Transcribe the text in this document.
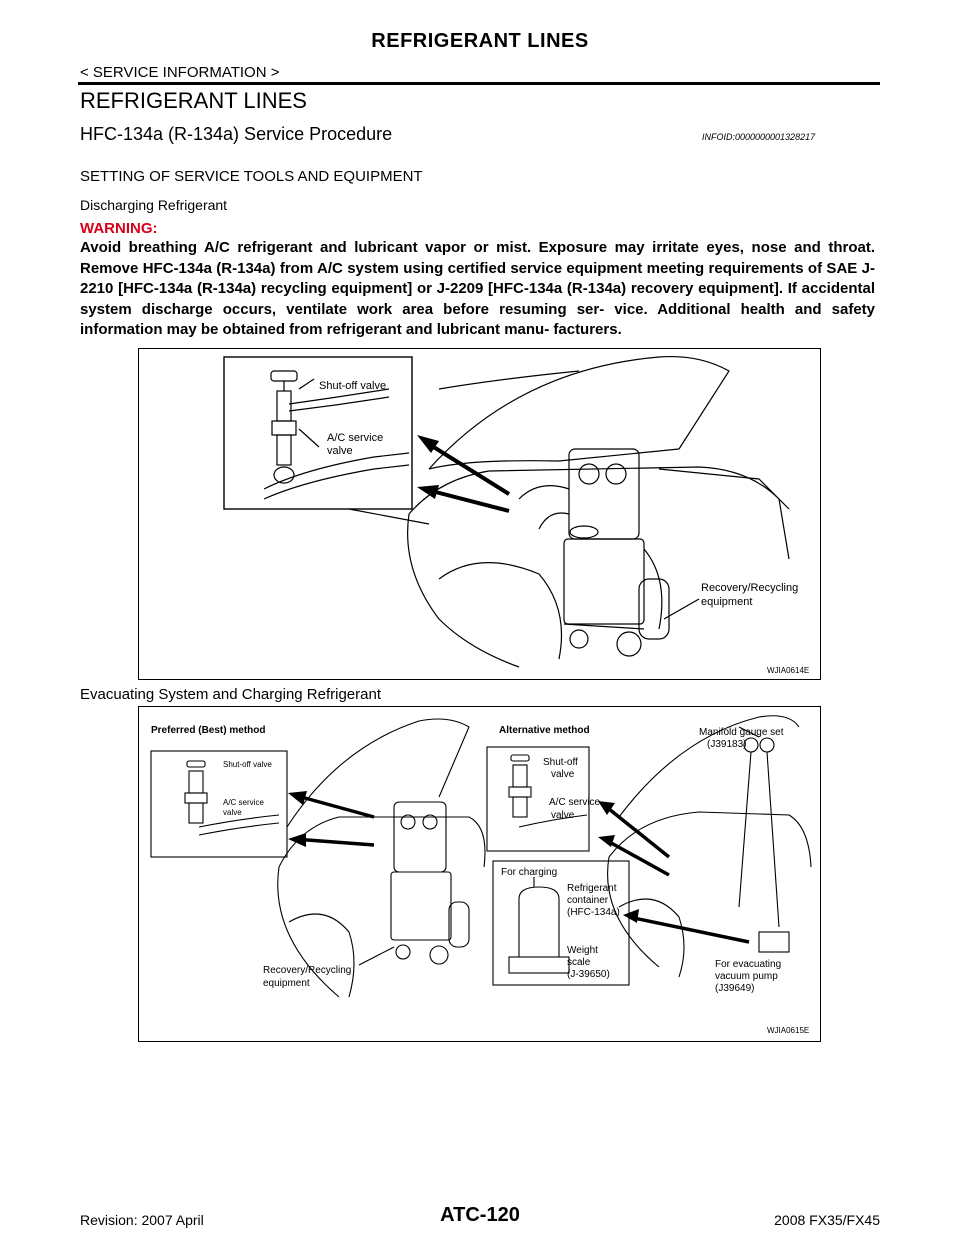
REFRIGERANT LINES
< SERVICE INFORMATION >
REFRIGERANT LINES
HFC-134a (R-134a) Service Procedure	INFOID:0000000001328217
SETTING OF SERVICE TOOLS AND EQUIPMENT
Discharging Refrigerant
WARNING:
Avoid breathing A/C refrigerant and lubricant vapor or mist. Exposure may irritate eyes, nose and throat. Remove HFC-134a (R-134a) from A/C system using certified service equipment meeting requirements of SAE J-2210 [HFC-134a (R-134a) recycling equipment] or J-2209 [HFC-134a (R-134a) recovery equipment]. If accidental system discharge occurs, ventilate work area before resuming ser- vice. Additional health and safety information may be obtained from refrigerant and lubricant manu- facturers.
Shut-off valve
A/C service
valve
Recovery/Recycling
equipment
WJIA0614E
Evacuating System and Charging Refrigerant
Preferred (Best) method	Alternative method
Shut-off valve
A/C service
valve
Shut-off
valve
A/C service
valve
Manifold gauge set
(J39183)
For charging
Refrigerant
container
(HFC-134a)
Weight
scale
(J-39650)
Recovery/Recycling
equipment
For evacuating
vacuum pump
(J39649)
WJIA0615E
Revision: 2007 April	ATC-120	2008 FX35/FX45
